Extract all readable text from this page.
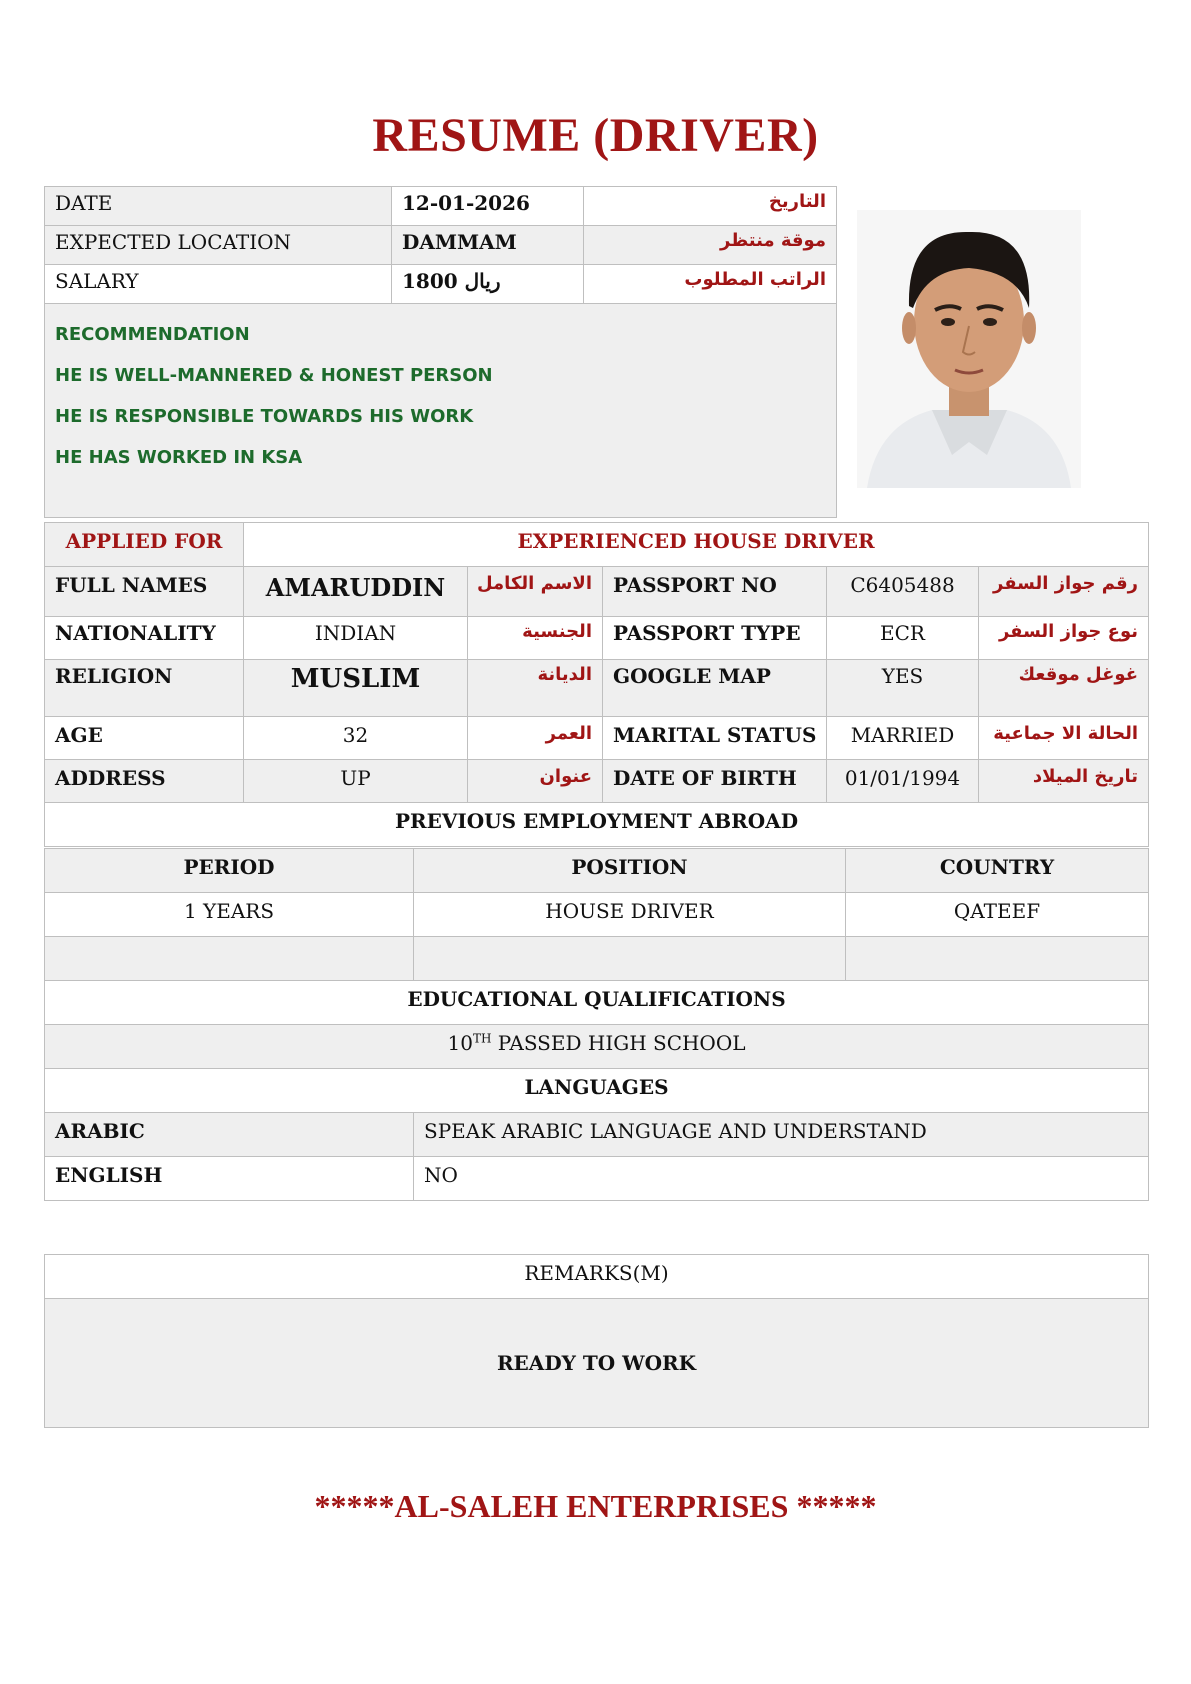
RESUME (DRIVER)
DATE	12-01-2026	التاريخ
EXPECTED LOCATION	DAMMAM	موقة منتظر
SALARY	1800 ريال	الراتب المطلوب

RECOMMENDATION
HE IS WELL-MANNERED & HONEST PERSON
HE IS RESPONSIBLE TOWARDS HIS WORK
HE HAS WORKED IN KSA		
APPLIED FOR	EXPERIENCED HOUSE DRIVER				
FULL NAMES	AMARUDDIN	الاسم الكامل	PASSPORT NO	C6405488	رقم جواز السفر
NATIONALITY	INDIAN	الجنسية	PASSPORT TYPE	ECR	نوع جواز السفر
RELIGION	MUSLIM	الديانة	GOOGLE MAP	YES	غوغل موقعك
AGE	32	العمر	MARITAL STATUS	MARRIED	الحالة الا جماعية
ADDRESS	UP	عنوان	DATE OF BIRTH	01/01/1994	تاريخ الميلاد
PREVIOUS EMPLOYMENT ABROAD					
PERIOD	POSITION	COUNTRY
1 YEARS	HOUSE DRIVER	QATEEF

EDUCATIONAL QUALIFICATIONS		
10TH PASSED HIGH SCHOOL		
LANGUAGES		
ARABIC	SPEAK ARABIC LANGUAGE AND UNDERSTAND	
ENGLISH	NO	
REMARKS(M)
READY TO WORK
*****AL-SALEH ENTERPRISES *****
